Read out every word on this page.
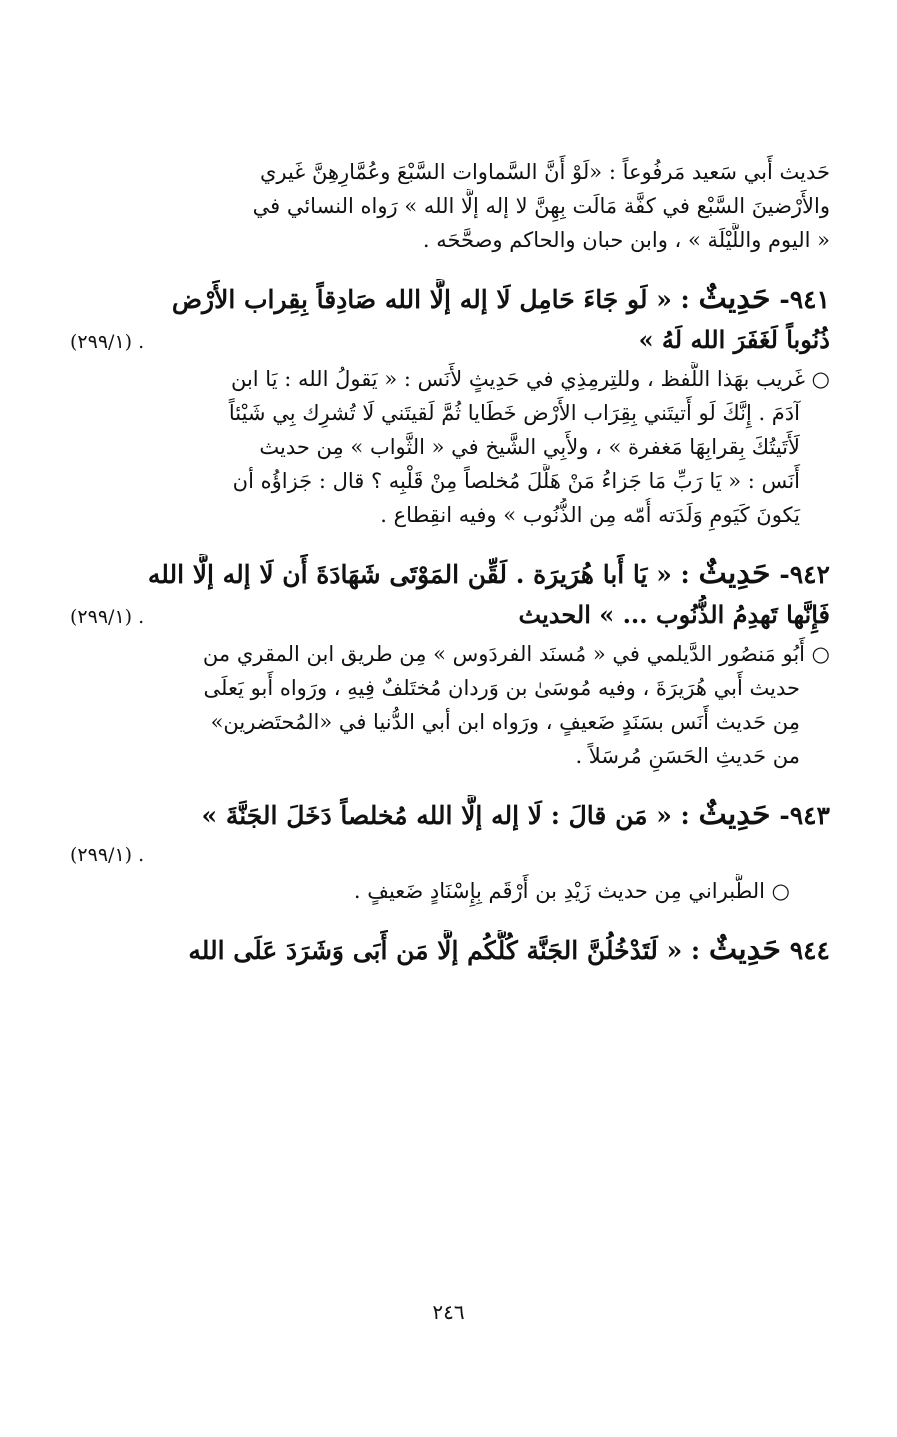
حَديث أَبي سَعيد مَرفُوعاً : «لَوْ أَنَّ السَّماوات السَّبْعَ وعُمَّارِهِنَّ غَيري
والأَرْضينَ السَّبْع في كفَّة مَالَت بِهِنَّ لا إله إلَّا الله » رَواه النسائي في
« اليوم واللَّيْلَة » ، وابن حبان والحاكم وصحَّحَه .
٩٤١- حَدِيثٌ : « لَو جَاءَ حَامِل لَا إله إلَّا الله صَادِقاً بِقِراب الأَرْض
ذُنُوباً لَغَفَرَ الله لَهُ »
(٢٩٩/١) .
○ غَريب بهَذا اللَّفظ ، وللتِرمِذِي في حَدِيثٍ لأَنَس : « يَقولُ الله : يَا ابن
آدَمَ . إِنَّكَ لَو أَتيتَني بِقِرَاب الأَرْض خَطَايا ثُمَّ لَقيتَني لَا تُشرِك بِي شَيْئاً
لَأَتَيتُكَ بِقرابِهَا مَغفرة » ، ولأَبِي الشَّيخ في « الثَّواب » مِن حديث
أَنَس : « يَا رَبِّ مَا جَزاءُ مَنْ هَلَّلَ مُخلصاً مِنْ قَلْبِه ؟ قال : جَزاؤُه أن
يَكونَ كَيَومِ وَلَدَته أُمّه مِن الذُّنُوب » وفيه انقِطاع .
٩٤٢- حَدِيثٌ : « يَا أَبا هُرَيرَة . لَقِّن المَوْتَى شَهَادَةَ أَن لَا إله إلَّا الله
فَإِنَّها تَهدِمُ الذُّنُوب ... » الحديث
(٢٩٩/١) .
○ أَبُو مَنصُور الدَّيلمي في « مُسنَد الفردَوس » مِن طريق ابن المقري من
حديث أَبي هُرَيرَةَ ، وفيه مُوسَىٰ بن وَردان مُختَلفٌ فِيهِ ، ورَواه أَبو يَعلَى
مِن حَديث أَنَس بسَنَدٍ ضَعيفٍ ، ورَواه ابن أبي الدُّنيا في «المُحتَضرين»
من حَديثِ الحَسَنِ مُرسَلاً .
٩٤٣- حَدِيثٌ : « مَن قالَ : لَا إله إلَّا الله مُخلصاً دَخَلَ الجَنَّةَ »
(٢٩٩/١) .
○ الطَّبراني مِن حديث زَيْدِ بن أَرْقَم بِإِسْنَادٍ ضَعيفٍ .
٩٤٤ حَدِيثٌ : « لَتَدْخُلُنَّ الجَنَّة كُلُّكُم إلَّا مَن أَبَى وَشَرَدَ عَلَى الله
٢٤٦
